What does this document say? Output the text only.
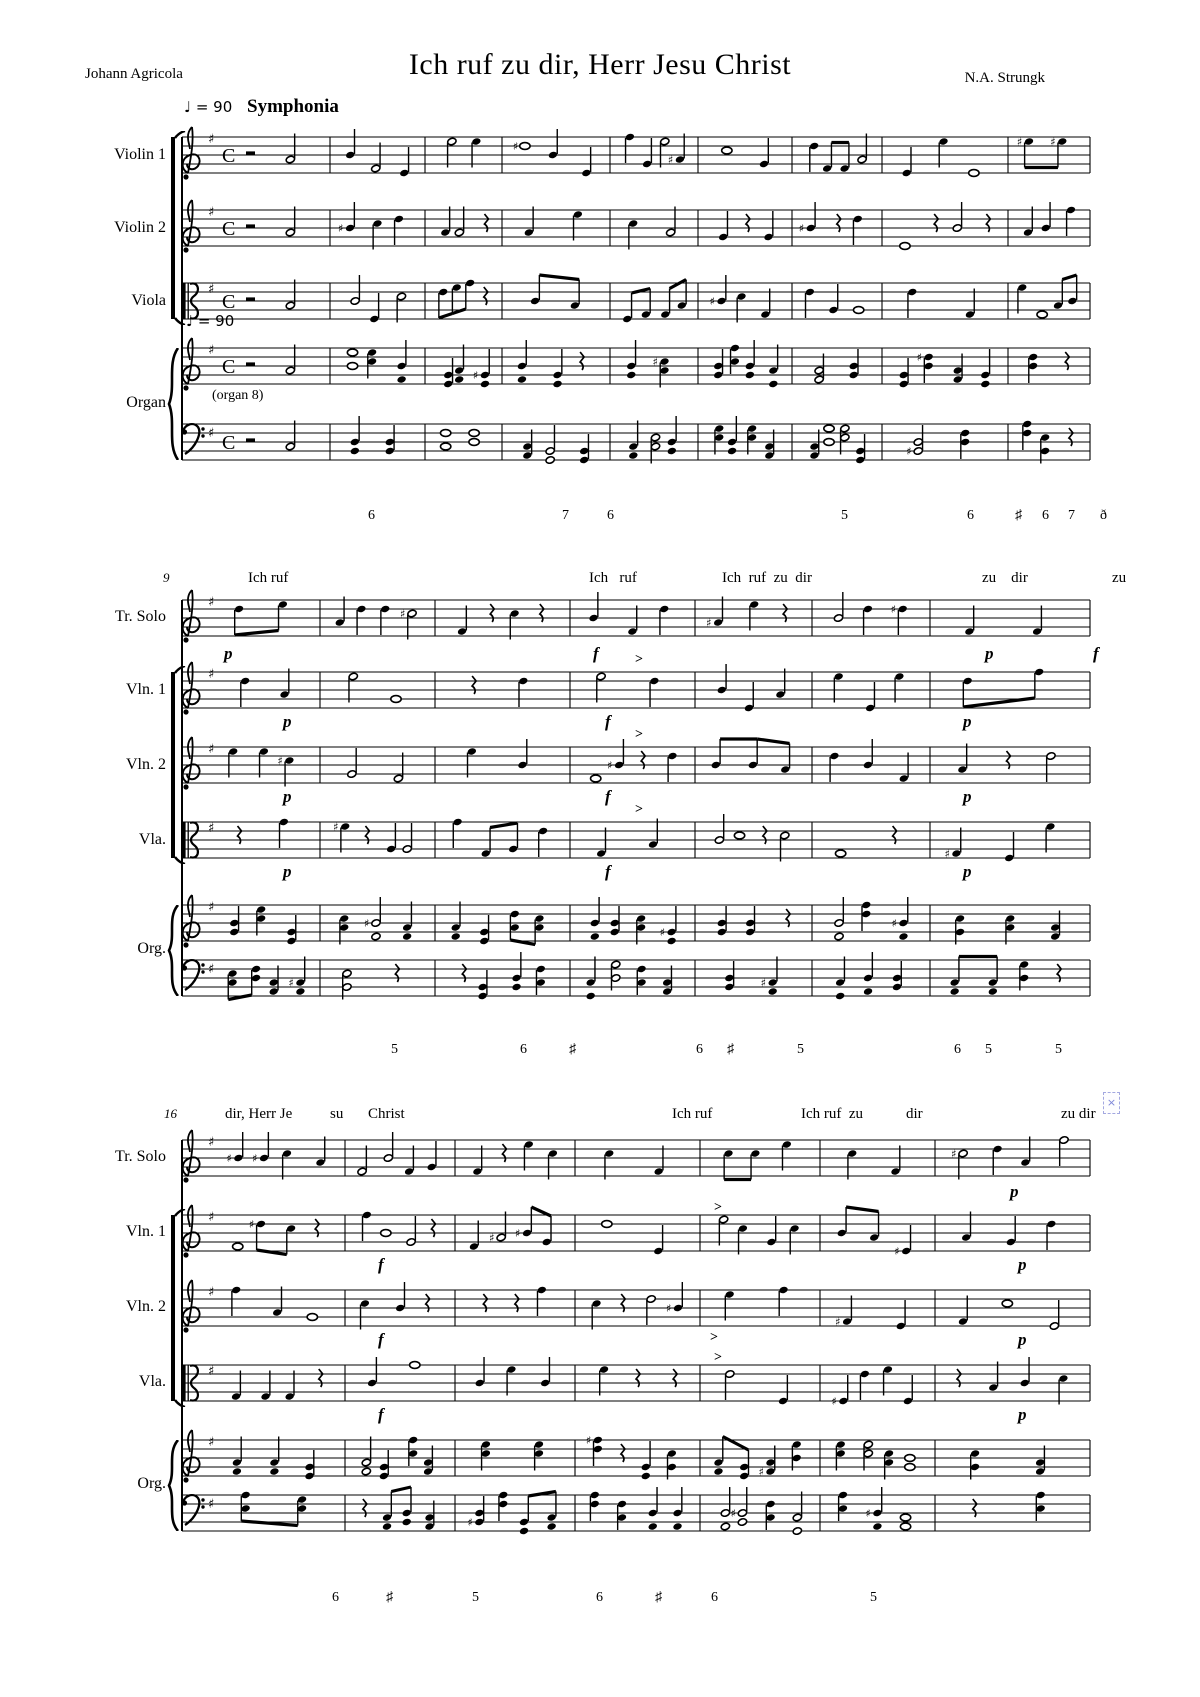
Johann Agricola	Ich ruf zu dir, Herr Jesu Christ	N.A. Strungk
♩ = 90 Symphonia
♩ = 90
(organ 8)
Violin 1
Violin 2
Viola
Organ
9
Tr. Solo
Vln. 1
Vln. 2
Vla.
Org.
16
Tr. Solo
Vln. 1
Vln. 2
Vla.
Org.
×
♯
C	♯
♯
♯	♯
♯
C	♯	♯
♯
C	♯
♯
C	♯
♯	♯
♯ C	♯
6	7	6	5	6	♯ 6 7 ð
♯
♯
♯
♯
♯
♯
♯	♯
♯	♯
♯
♯
♯
♯
♯
♯
♯	♯
Ich ruf	Ich   ruf	Ich  ruf  zu  dir	zu    dir	zu
5	6	♯	6 ♯	5	6 5	5
p	f	p	f
p	f	p
p	f	p
p	f	p
>
>
>
♯
♯ ♯	♯
♯	♯
♯ ♯
♯
♯
♯
♯
♯
♯
♯	♯
♯
♯
♯
♯	♯
dir, Herr Je	su Christ	Ich ruf	Ich ruf  zu	dir	zu dir
6	♯	5	6	♯	6	5
p
f	p
f	p
f	p
>
>
>
